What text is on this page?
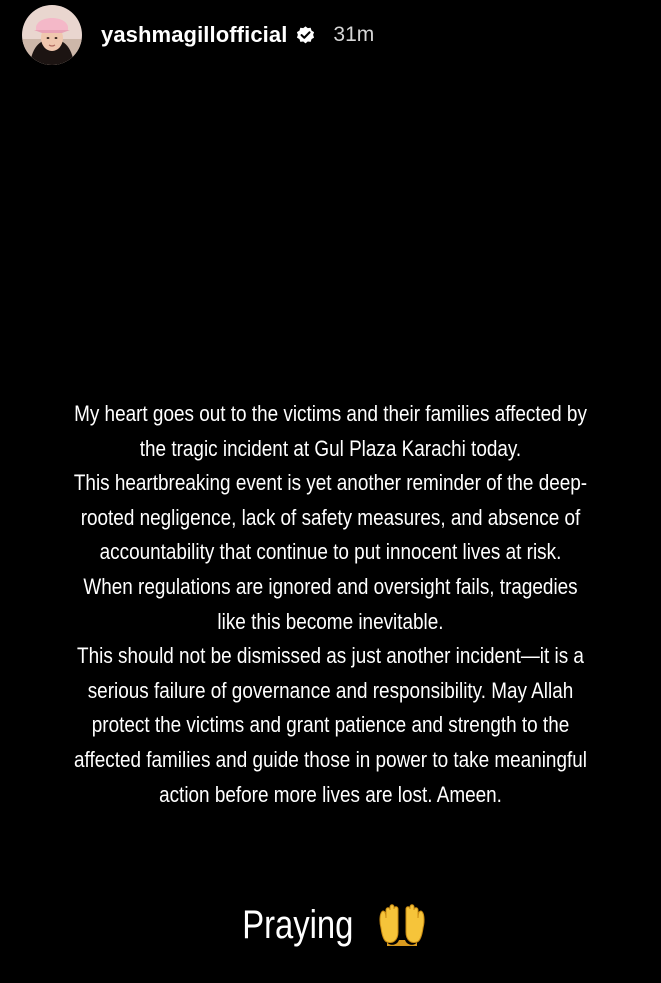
yashmagillofficial 31m

My heart goes out to the victims and their families affected by

the tragic incident at Gul Plaza Karachi today.

This heartbreaking event is yet another reminder of the deep-

rooted negligence, lack of safety measures, and absence of

accountability that continue to put innocent lives at risk.

When regulations are ignored and oversight fails, tragedies

like this become inevitable.

This should not be dismissed as just another incident—it is a

serious failure of governance and responsibility. May Allah

protect the victims and grant patience and strength to the

affected families and guide those in power to take meaningful

action before more lives are lost. Ameen.

Praying
